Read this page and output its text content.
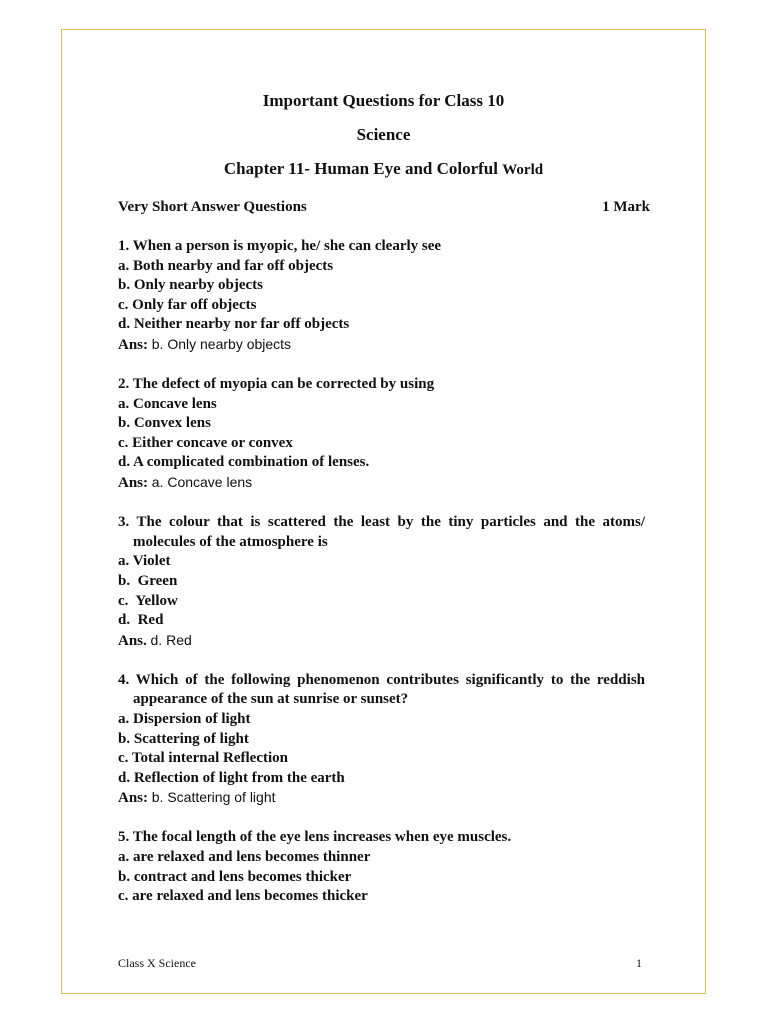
Important Questions for Class 10
Science
Chapter 11- Human Eye and Colorful World
Very Short Answer Questions	1 Mark
1. When a person is myopic, he/ she can clearly see
a. Both nearby and far off objects
b. Only nearby objects
c. Only far off objects
d. Neither nearby nor far off objects
Ans: b. Only nearby objects
2. The defect of myopia can be corrected by using
a. Concave lens
b. Convex lens
c. Either concave or convex
d. A complicated combination of lenses.
Ans: a. Concave lens
3. The colour that is scattered the least by the tiny particles and the atoms/ molecules of the atmosphere is
a. Violet
b.  Green
c.  Yellow
d.  Red
Ans. d. Red
4. Which of the following phenomenon contributes significantly to the reddish appearance of the sun at sunrise or sunset?
a. Dispersion of light
b. Scattering of light
c. Total internal Reflection
d. Reflection of light from the earth
Ans: b. Scattering of light
5. The focal length of the eye lens increases when eye muscles.
a. are relaxed and lens becomes thinner
b. contract and lens becomes thicker
c. are relaxed and lens becomes thicker
Class X Science	1
